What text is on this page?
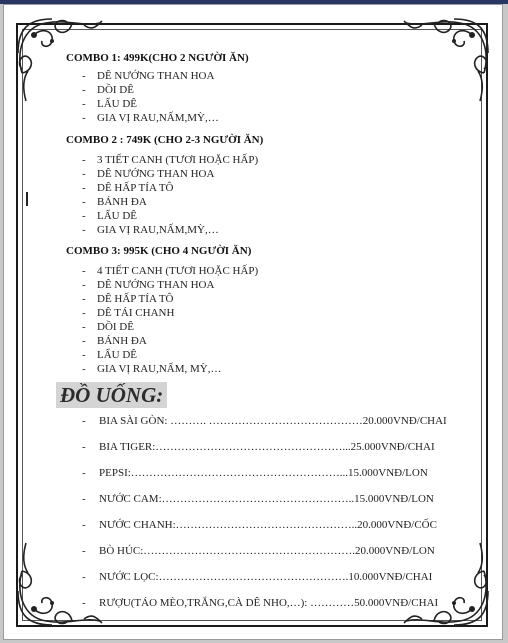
COMBO 1: 499K(CHO 2 NGƯỜI ĂN)
- DÊ NƯỚNG THAN HOA
- DỒI DÊ
- LẨU DÊ
- GIA VỊ RAU,NẤM,MỲ,…
COMBO 2 : 749K (CHO 2-3 NGƯỜI ĂN)
- 3 TIẾT CANH (TƯƠI HOẶC HẤP)
- DÊ NƯỚNG THAN HOA
- DÊ HẤP TÍA TÔ
- BÁNH ĐA
- LẨU DÊ
- GIA VỊ RAU,NẤM,MỲ,…
COMBO 3: 995K (CHO 4 NGƯỜI ĂN)
- 4 TIẾT CANH (TƯƠI HOẶC HẤP)
- DÊ NƯỚNG THAN HOA
- DÊ HẤP TÍA TÔ
- DÊ TÁI CHANH
- DỒI DÊ
- BÁNH ĐA
- LẨU DÊ
- GIA VỊ RAU,NẤM, MỲ,…
ĐỒ UỐNG:
- BIA SÀI GÒN: ………. ……………………………………20.000VNĐ/CHAI
- BIA TIGER:……………………………………………...25.000VNĐ/CHAI
- PEPSI:…………………………………………………...15.000VNĐ/LON
- NƯỚC CAM:……………………………………………..15.000VNĐ/LON
- NƯỚC CHANH:…………………………………………..20.000VNĐ/CỐC
- BÒ HÚC:………………………………………………….20.000VNĐ/LON
- NƯỚC LỌC:…………………………………………….10.000VNĐ/CHAI
- RƯỢU(TÁO MÈO,TRẮNG,CÀ DÊ NHO,…): …………50.000VNĐ/CHAI
